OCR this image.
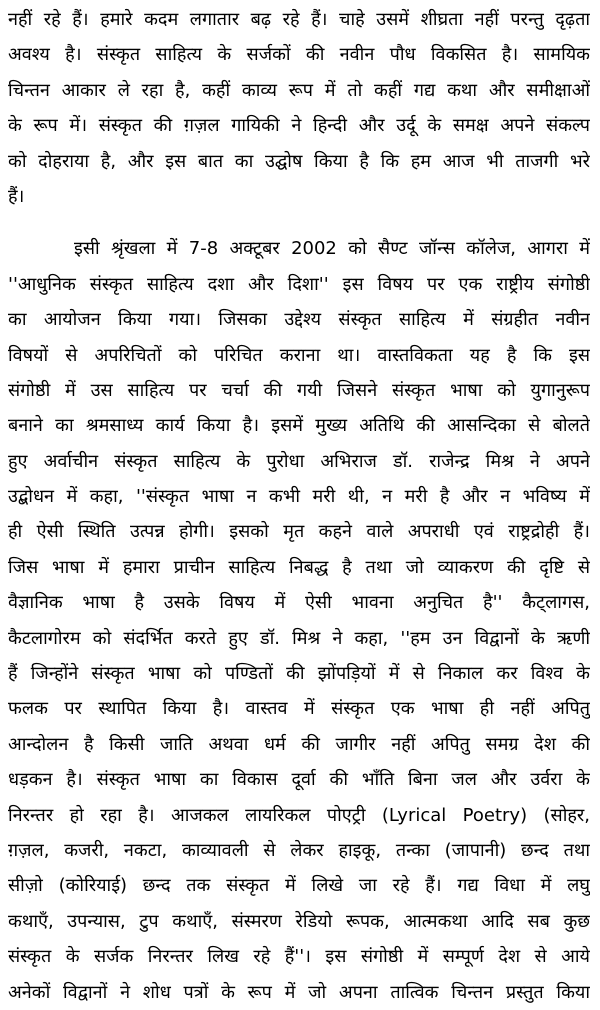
नहीं रहे हैं। हमारे कदम लगातार बढ़ रहे हैं। चाहे उसमें शीघ्रता नहीं परन्तु दृढ़ता
अवश्य है। संस्कृत साहित्य के सर्जकों की नवीन पौध विकसित है। सामयिक
चिन्तन आकार ले रहा है, कहीं काव्य रूप में तो कहीं गद्य कथा और समीक्षाओं
के रूप में। संस्कृत की ग़ज़ल गायिकी ने हिन्दी और उर्दू के समक्ष अपने संकल्प
को दोहराया है, और इस बात का उद्घोष किया है कि हम आज भी ताजगी भरे
हैं।
इसी श्रृंखला में 7-8 अक्टूबर 2002 को सैण्ट जॉन्स कॉलेज, आगरा में
''आधुनिक संस्कृत साहित्य दशा और दिशा'' इस विषय पर एक राष्ट्रीय संगोष्ठी
का आयोजन किया गया। जिसका उद्देश्य संस्कृत साहित्य में संग्रहीत नवीन
विषयों से अपरिचितों को परिचित कराना था। वास्तविकता यह है कि इस
संगोष्ठी में उस साहित्य पर चर्चा की गयी जिसने संस्कृत भाषा को युगानुरूप
बनाने का श्रमसाध्य कार्य किया है। इसमें मुख्य अतिथि की आसन्दिका से बोलते
हुए अर्वाचीन संस्कृत साहित्य के पुरोधा अभिराज डॉ. राजेन्द्र मिश्र ने अपने
उद्बोधन में कहा, ''संस्कृत भाषा न कभी मरी थी, न मरी है और न भविष्य में
ही ऐसी स्थिति उत्पन्न होगी। इसको मृत कहने वाले अपराधी एवं राष्ट्रद्रोही हैं।
जिस भाषा में हमारा प्राचीन साहित्य निबद्ध है तथा जो व्याकरण की दृष्टि से
वैज्ञानिक भाषा है उसके विषय में ऐसी भावना अनुचित है'' कैट्लागस,
कैटलागोरम को संदर्भित करते हुए डॉ. मिश्र ने कहा, ''हम उन विद्वानों के ऋणी
हैं जिन्होंने संस्कृत भाषा को पण्डितों की झोंपड़ियों में से निकाल कर विश्व के
फलक पर स्थापित किया है। वास्तव में संस्कृत एक भाषा ही नहीं अपितु
आन्दोलन है किसी जाति अथवा धर्म की जागीर नहीं अपितु समग्र देश की
धड़कन है। संस्कृत भाषा का विकास दूर्वा की भाँति बिना जल और उर्वरा के
निरन्तर हो रहा है। आजकल लायरिकल पोएट्री (Lyrical Poetry) (सोहर,
ग़ज़ल, कजरी, नकटा, काव्यावली से लेकर हाइकू, तन्का (जापानी) छन्द तथा
सीज़ो (कोरियाई) छन्द तक संस्कृत में लिखे जा रहे हैं। गद्य विधा में लघु
कथाएँ, उपन्यास, टुप कथाएँ, संस्मरण रेडियो रूपक, आत्मकथा आदि सब कुछ
संस्कृत के सर्जक निरन्तर लिख रहे हैं''। इस संगोष्ठी में सम्पूर्ण देश से आये
अनेकों विद्वानों ने शोध पत्रों के रूप में जो अपना तात्विक चिन्तन प्रस्तुत किया
